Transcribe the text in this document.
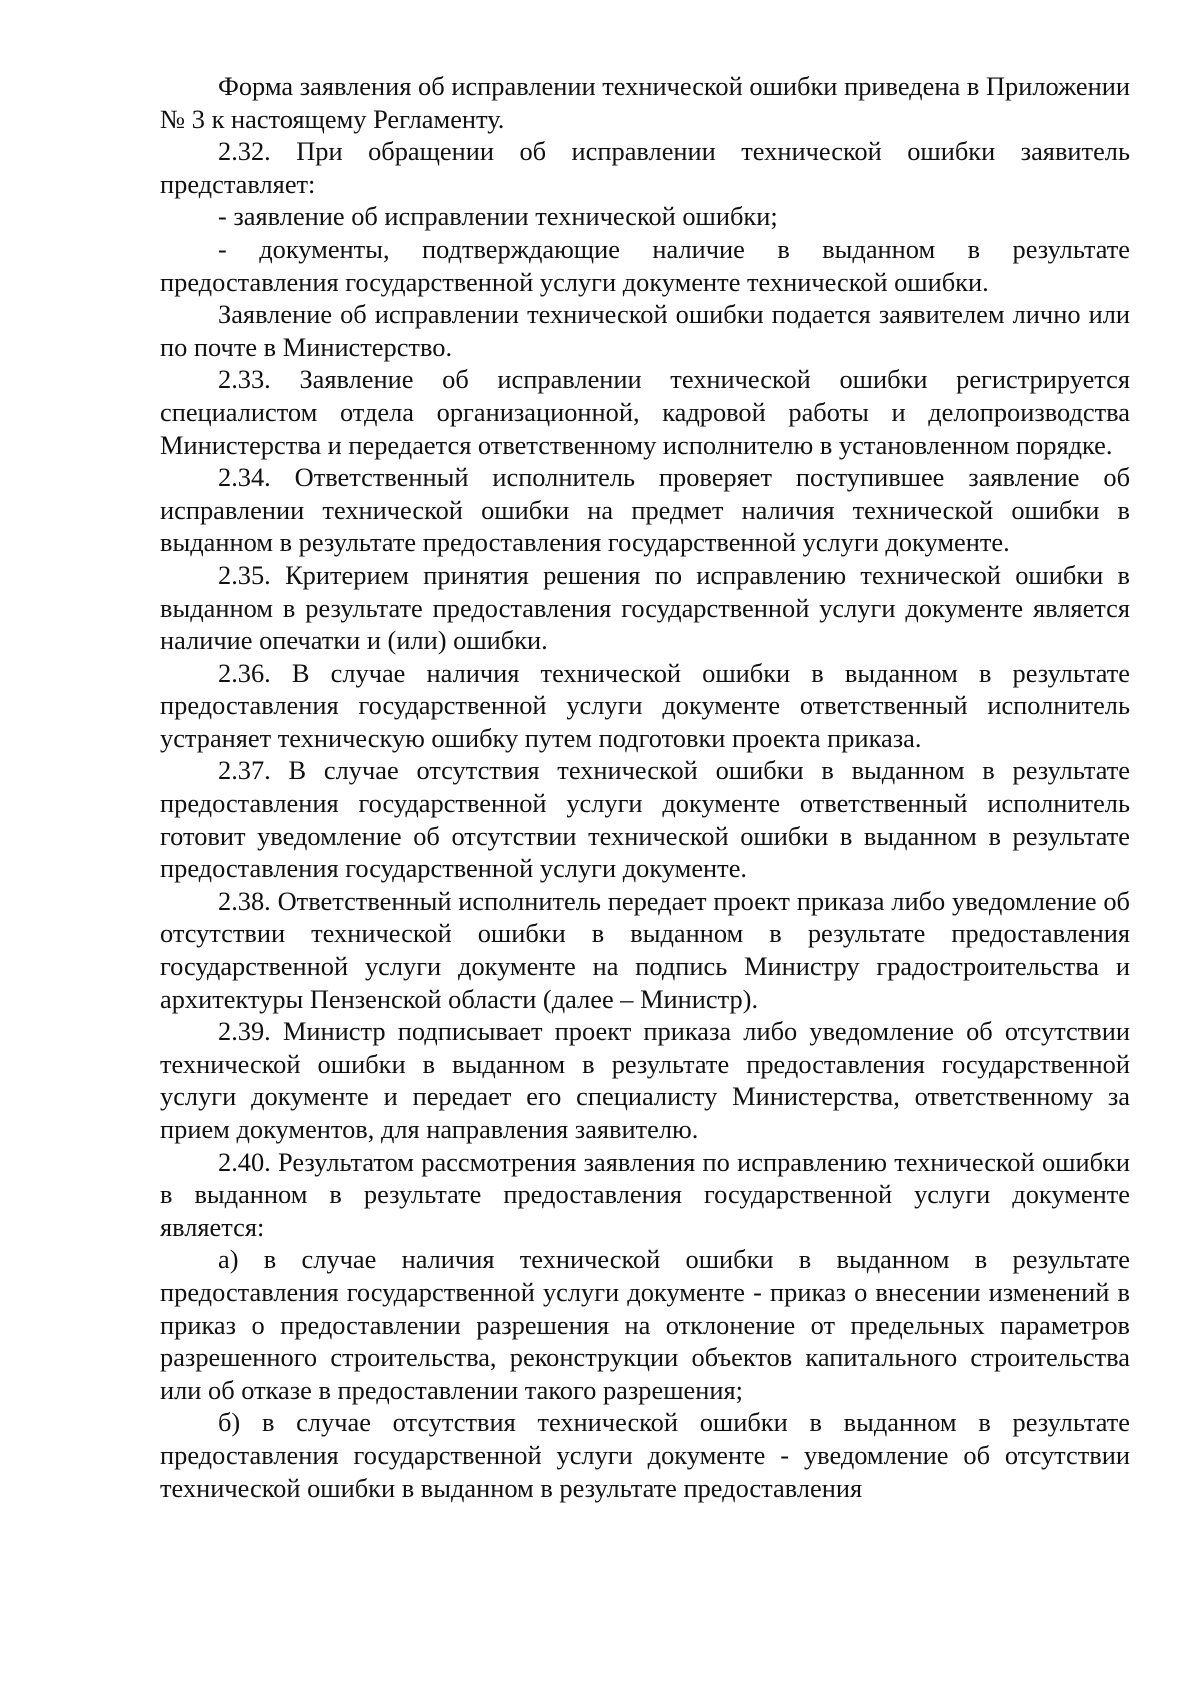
Форма заявления об исправлении технической ошибки приведена в Приложении № 3 к настоящему Регламенту.

2.32. При обращении об исправлении технической ошибки заявитель представляет:

- заявление об исправлении технической ошибки;

- документы, подтверждающие наличие в выданном в результате предоставления государственной услуги документе технической ошибки.

Заявление об исправлении технической ошибки подается заявителем лично или по почте в Министерство.

2.33. Заявление об исправлении технической ошибки регистрируется специалистом отдела организационной, кадровой работы и делопроизводства Министерства и передается ответственному исполнителю в установленном порядке.

2.34. Ответственный исполнитель проверяет поступившее заявление об исправлении технической ошибки на предмет наличия технической ошибки в выданном в результате предоставления государственной услуги документе.

2.35. Критерием принятия решения по исправлению технической ошибки в выданном в результате предоставления государственной услуги документе является наличие опечатки и (или) ошибки.

2.36. В случае наличия технической ошибки в выданном в результате предоставления государственной услуги документе ответственный исполнитель устраняет техническую ошибку путем подготовки проекта приказа.

2.37. В случае отсутствия технической ошибки в выданном в результате предоставления государственной услуги документе ответственный исполнитель готовит уведомление об отсутствии технической ошибки в выданном в результате предоставления государственной услуги документе.

2.38. Ответственный исполнитель передает проект приказа либо уведомление об отсутствии технической ошибки в выданном в результате предоставления государственной услуги документе на подпись Министру градостроительства и архитектуры Пензенской области (далее – Министр).

2.39. Министр подписывает проект приказа либо уведомление об отсутствии технической ошибки в выданном в результате предоставления государственной услуги документе и передает его специалисту Министерства, ответственному за прием документов, для направления заявителю.

2.40. Результатом рассмотрения заявления по исправлению технической ошибки в выданном в результате предоставления государственной услуги документе является:

а) в случае наличия технической ошибки в выданном в результате предоставления государственной услуги документе - приказ о внесении изменений в приказ о предоставлении разрешения на отклонение от предельных параметров разрешенного строительства, реконструкции объектов капитального строительства или об отказе в предоставлении такого разрешения;

б) в случае отсутствия технической ошибки в выданном в результате предоставления государственной услуги документе - уведомление об отсутствии технической ошибки в выданном в результате предоставления
